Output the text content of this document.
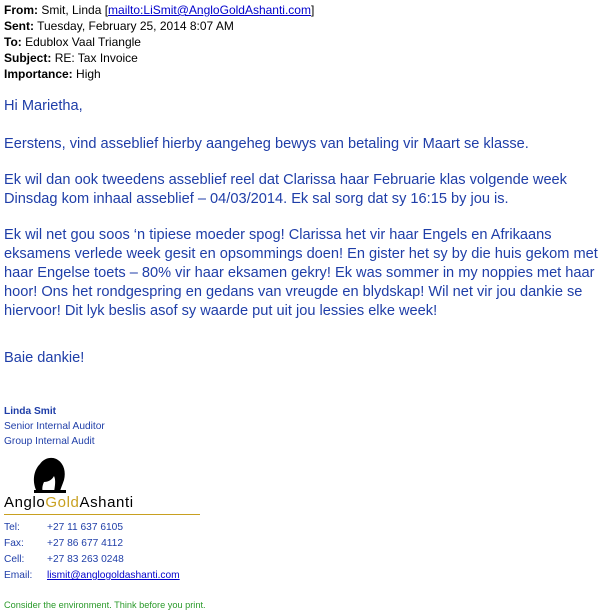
From: Smit, Linda [mailto:LiSmit@AngloGoldAshanti.com]
Sent: Tuesday, February 25, 2014 8:07 AM
To: Edublox Vaal Triangle
Subject: RE: Tax Invoice
Importance: High

Hi Marietha,

Eerstens, vind asseblief hierby aangeheg bewys van betaling vir Maart se klasse.

Ek wil dan ook tweedens asseblief reel dat Clarissa haar Februarie klas volgende week Dinsdag kom inhaal asseblief – 04/03/2014. Ek sal sorg dat sy 16:15 by jou is.

Ek wil net gou soos ‘n tipiese moeder spog! Clarissa het vir haar Engels en Afrikaans eksamens verlede week gesit en opsommings doen! En gister het sy by die huis gekom met haar Engelse toets – 80% vir haar eksamen gekry! Ek was sommer in my noppies met haar hoor! Ons het rondgespring en gedans van vreugde en blydskap! Wil net vir jou dankie se hiervoor! Dit lyk beslis asof sy waarde put uit jou lessies elke week!

Baie dankie!

Linda Smit
Senior Internal Auditor
Group Internal Audit
AngloGoldAshanti
Tel:	+27 11 637 6105
Fax: +27 86 677 4112
Cell: +27 83 263 0248
Email: lismit@anglogoldashanti.com
Consider the environment. Think before you print.
